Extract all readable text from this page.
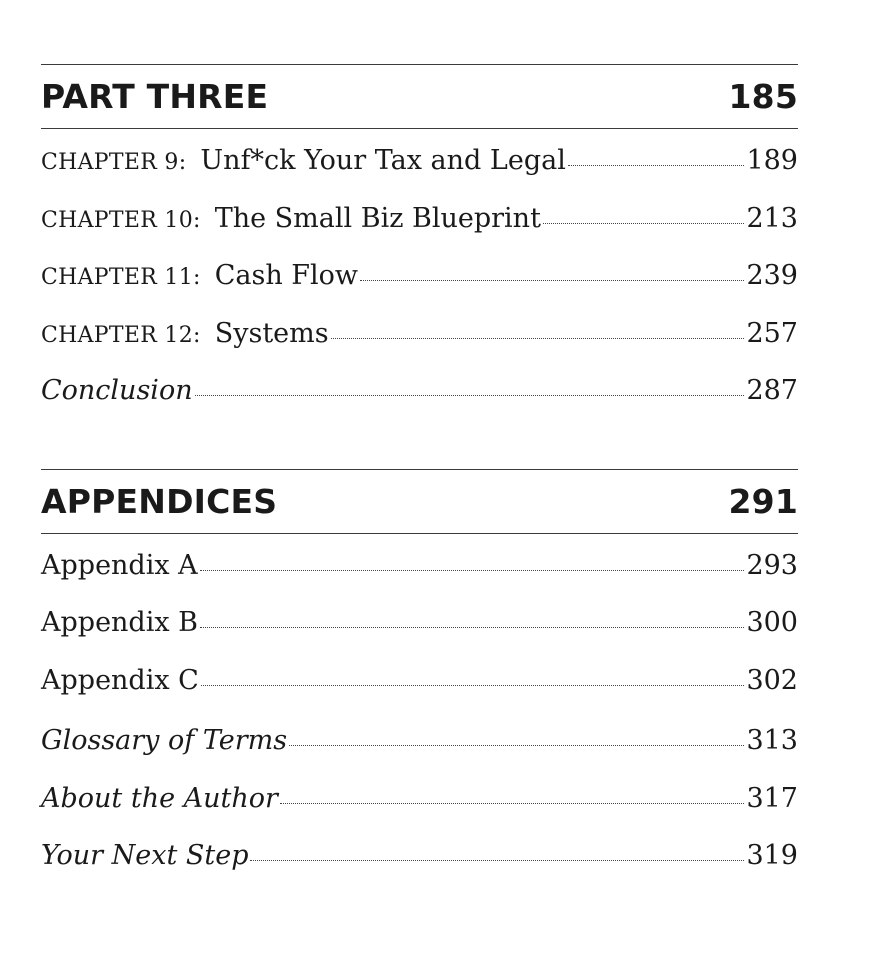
PART THREE	185
CHAPTER 9: Unf*ck Your Tax and Legal	189
CHAPTER 10: The Small Biz Blueprint	213
CHAPTER 11: Cash Flow	239
CHAPTER 12: Systems	257
Conclusion	287
APPENDICES	291
Appendix A	293
Appendix B	300
Appendix C	302
Glossary of Terms	313
About the Author	317
Your Next Step	319
